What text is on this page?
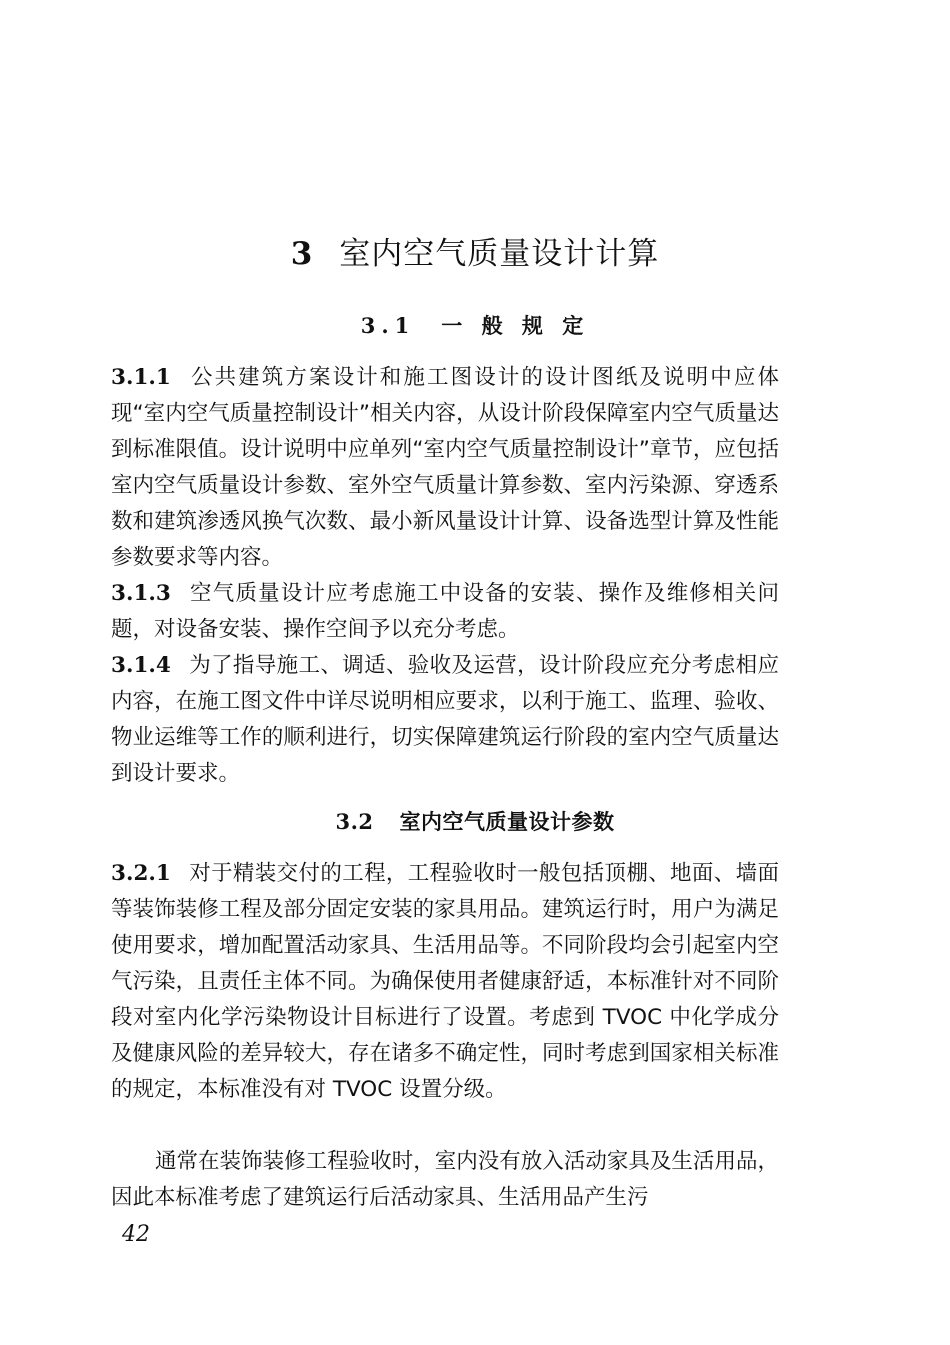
3 室内空气质量设计计算
3.1 一 般 规 定
3.1.1 公共建筑方案设计和施工图设计的设计图纸及说明中应体现“室内空气质量控制设计”相关内容，从设计阶段保障室内空气质量达到标准限值。设计说明中应单列“室内空气质量控制设计”章节，应包括室内空气质量设计参数、室外空气质量计算参数、室内污染源、穿透系数和建筑渗透风换气次数、最小新风量设计计算、设备选型计算及性能参数要求等内容。
3.1.3 空气质量设计应考虑施工中设备的安装、操作及维修相关问题，对设备安装、操作空间予以充分考虑。
3.1.4 为了指导施工、调适、验收及运营，设计阶段应充分考虑相应内容，在施工图文件中详尽说明相应要求，以利于施工、监理、验收、物业运维等工作的顺利进行，切实保障建筑运行阶段的室内空气质量达到设计要求。
3.2 室内空气质量设计参数
3.2.1 对于精装交付的工程，工程验收时一般包括顶棚、地面、墙面等装饰装修工程及部分固定安装的家具用品。建筑运行时，用户为满足使用要求，增加配置活动家具、生活用品等。不同阶段均会引起室内空气污染，且责任主体不同。为确保使用者健康舒适，本标准针对不同阶段对室内化学污染物设计目标进行了设置。考虑到 TVOC 中化学成分及健康风险的差异较大，存在诸多不确定性，同时考虑到国家相关标准的规定，本标准没有对 TVOC 设置分级。
通常在装饰装修工程验收时，室内没有放入活动家具及生活用品，因此本标准考虑了建筑运行后活动家具、生活用品产生污
42
